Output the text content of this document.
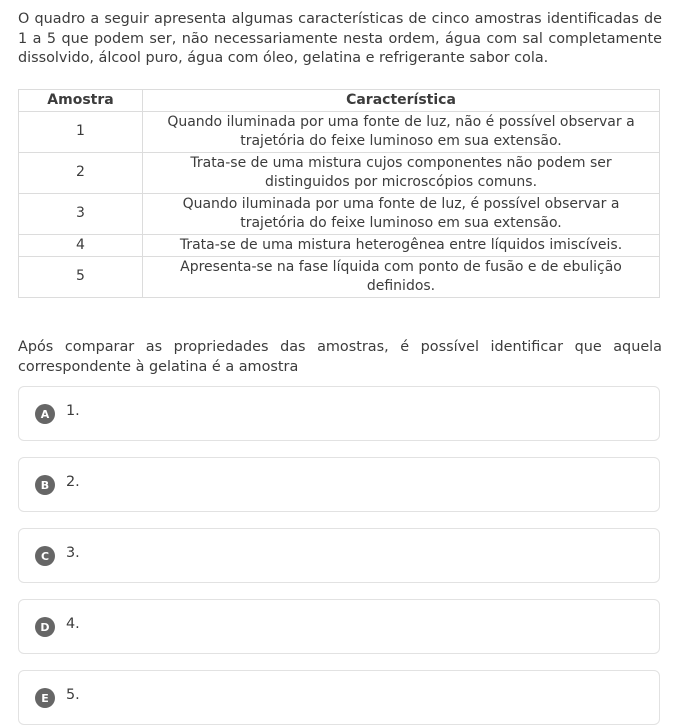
O quadro a seguir apresenta algumas características de cinco amostras identificadas de 1 a 5 que podem ser, não necessariamente nesta ordem, água com sal completamente dissolvido, álcool puro, água com óleo, gelatina e refrigerante sabor cola.

Amostra	Característica
1	Quando iluminada por uma fonte de luz, não é possível observar a trajetória do feixe luminoso em sua extensão.
2	Trata-se de uma mistura cujos componentes não podem ser distinguidos por microscópios comuns.
3	Quando iluminada por uma fonte de luz, é possível observar a trajetória do feixe luminoso em sua extensão.
4	Trata-se de uma mistura heterogênea entre líquidos imiscíveis.
5	Apresenta-se na fase líquida com ponto de fusão e de ebulição definidos.

Após comparar as propriedades das amostras, é possível identificar que aquela correspondente à gelatina é a amostra

A	1.
B	2.
C	3.
D	4.
E	5.
